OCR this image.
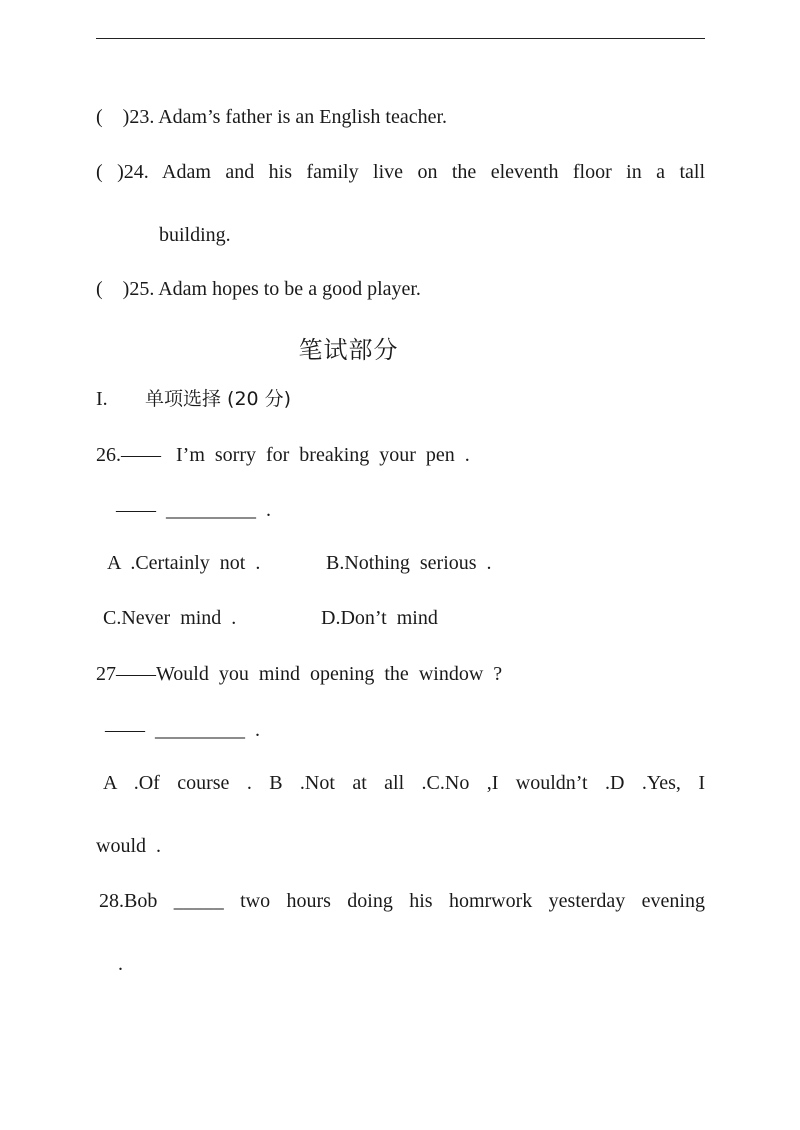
(    )23. Adam’s father is an English teacher.
( )24. Adam and his family live on the eleventh floor in a tall
building.
(    )25. Adam hopes to be a good player.
笔试部分
I. 单项选择 (20 分)
26.——   I’m  sorry  for  breaking  your  pen  .
——  _________  .
A  .Certainly  not  .	B.Nothing  serious  .
C.Never  mind  .	D.Don’t  mind
27——Would  you  mind  opening  the  window  ?
——  _________  .
A .Of course . B .Not at all .C.No ,I wouldn’t .D .Yes, I
would  .
28.Bob _____ two hours doing his homrwork yesterday evening
.
